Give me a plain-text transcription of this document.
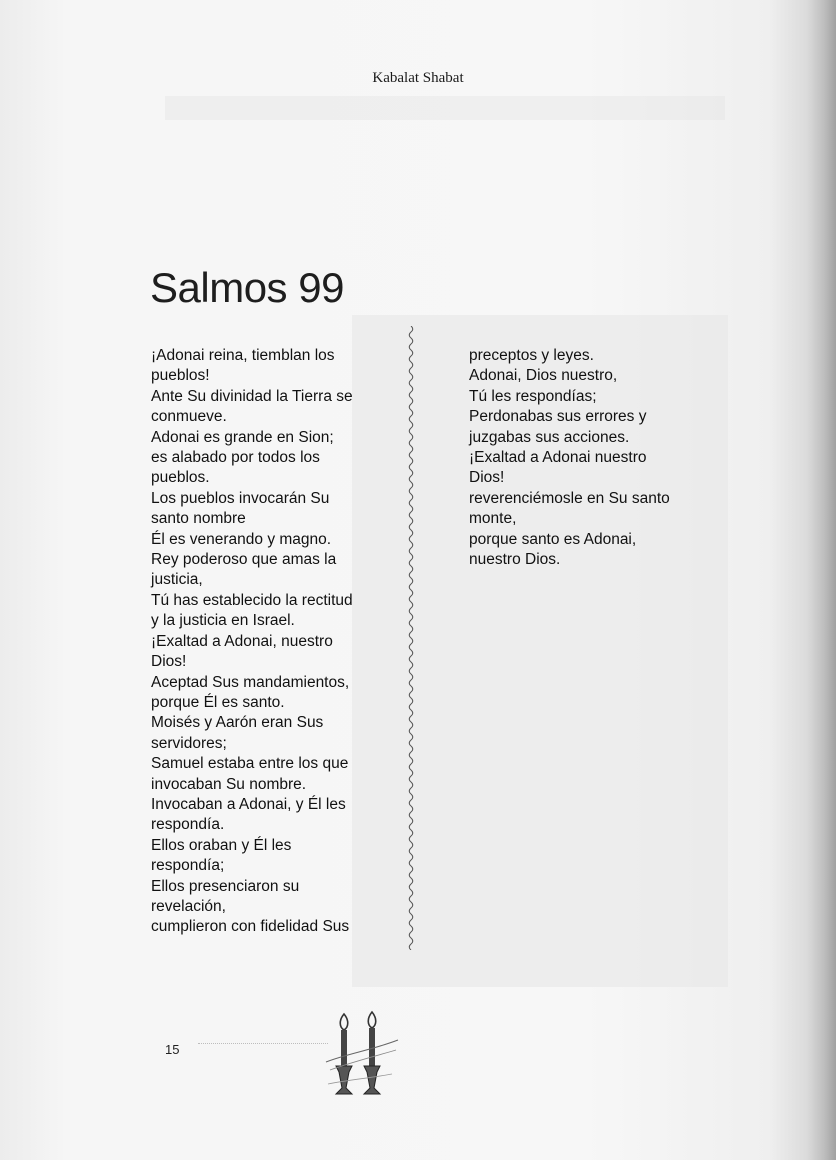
Kabalat Shabat
Salmos 99
¡Adonai reina, tiemblan los
pueblos!
Ante Su divinidad la Tierra se
conmueve.
Adonai es grande en Sion;
es alabado por todos los
pueblos.
Los pueblos invocarán Su
santo nombre
Él es venerando y magno.
Rey poderoso que amas la
justicia,
Tú has establecido la rectitud
y la justicia en Israel.
¡Exaltad a Adonai, nuestro
Dios!
Aceptad Sus mandamientos,
porque Él es santo.
Moisés y Aarón eran Sus
servidores;
Samuel estaba entre los que
invocaban Su nombre.
Invocaban a Adonai, y Él les
respondía.
Ellos oraban y Él les
respondía;
Ellos presenciaron su
revelación,
cumplieron con fidelidad Sus
preceptos y leyes.
Adonai, Dios nuestro,
Tú les respondías;
Perdonabas sus errores y
juzgabas sus acciones.
¡Exaltad a Adonai nuestro
Dios!
reverenciémosle en Su santo
monte,
porque santo es Adonai,
nuestro Dios.
15
